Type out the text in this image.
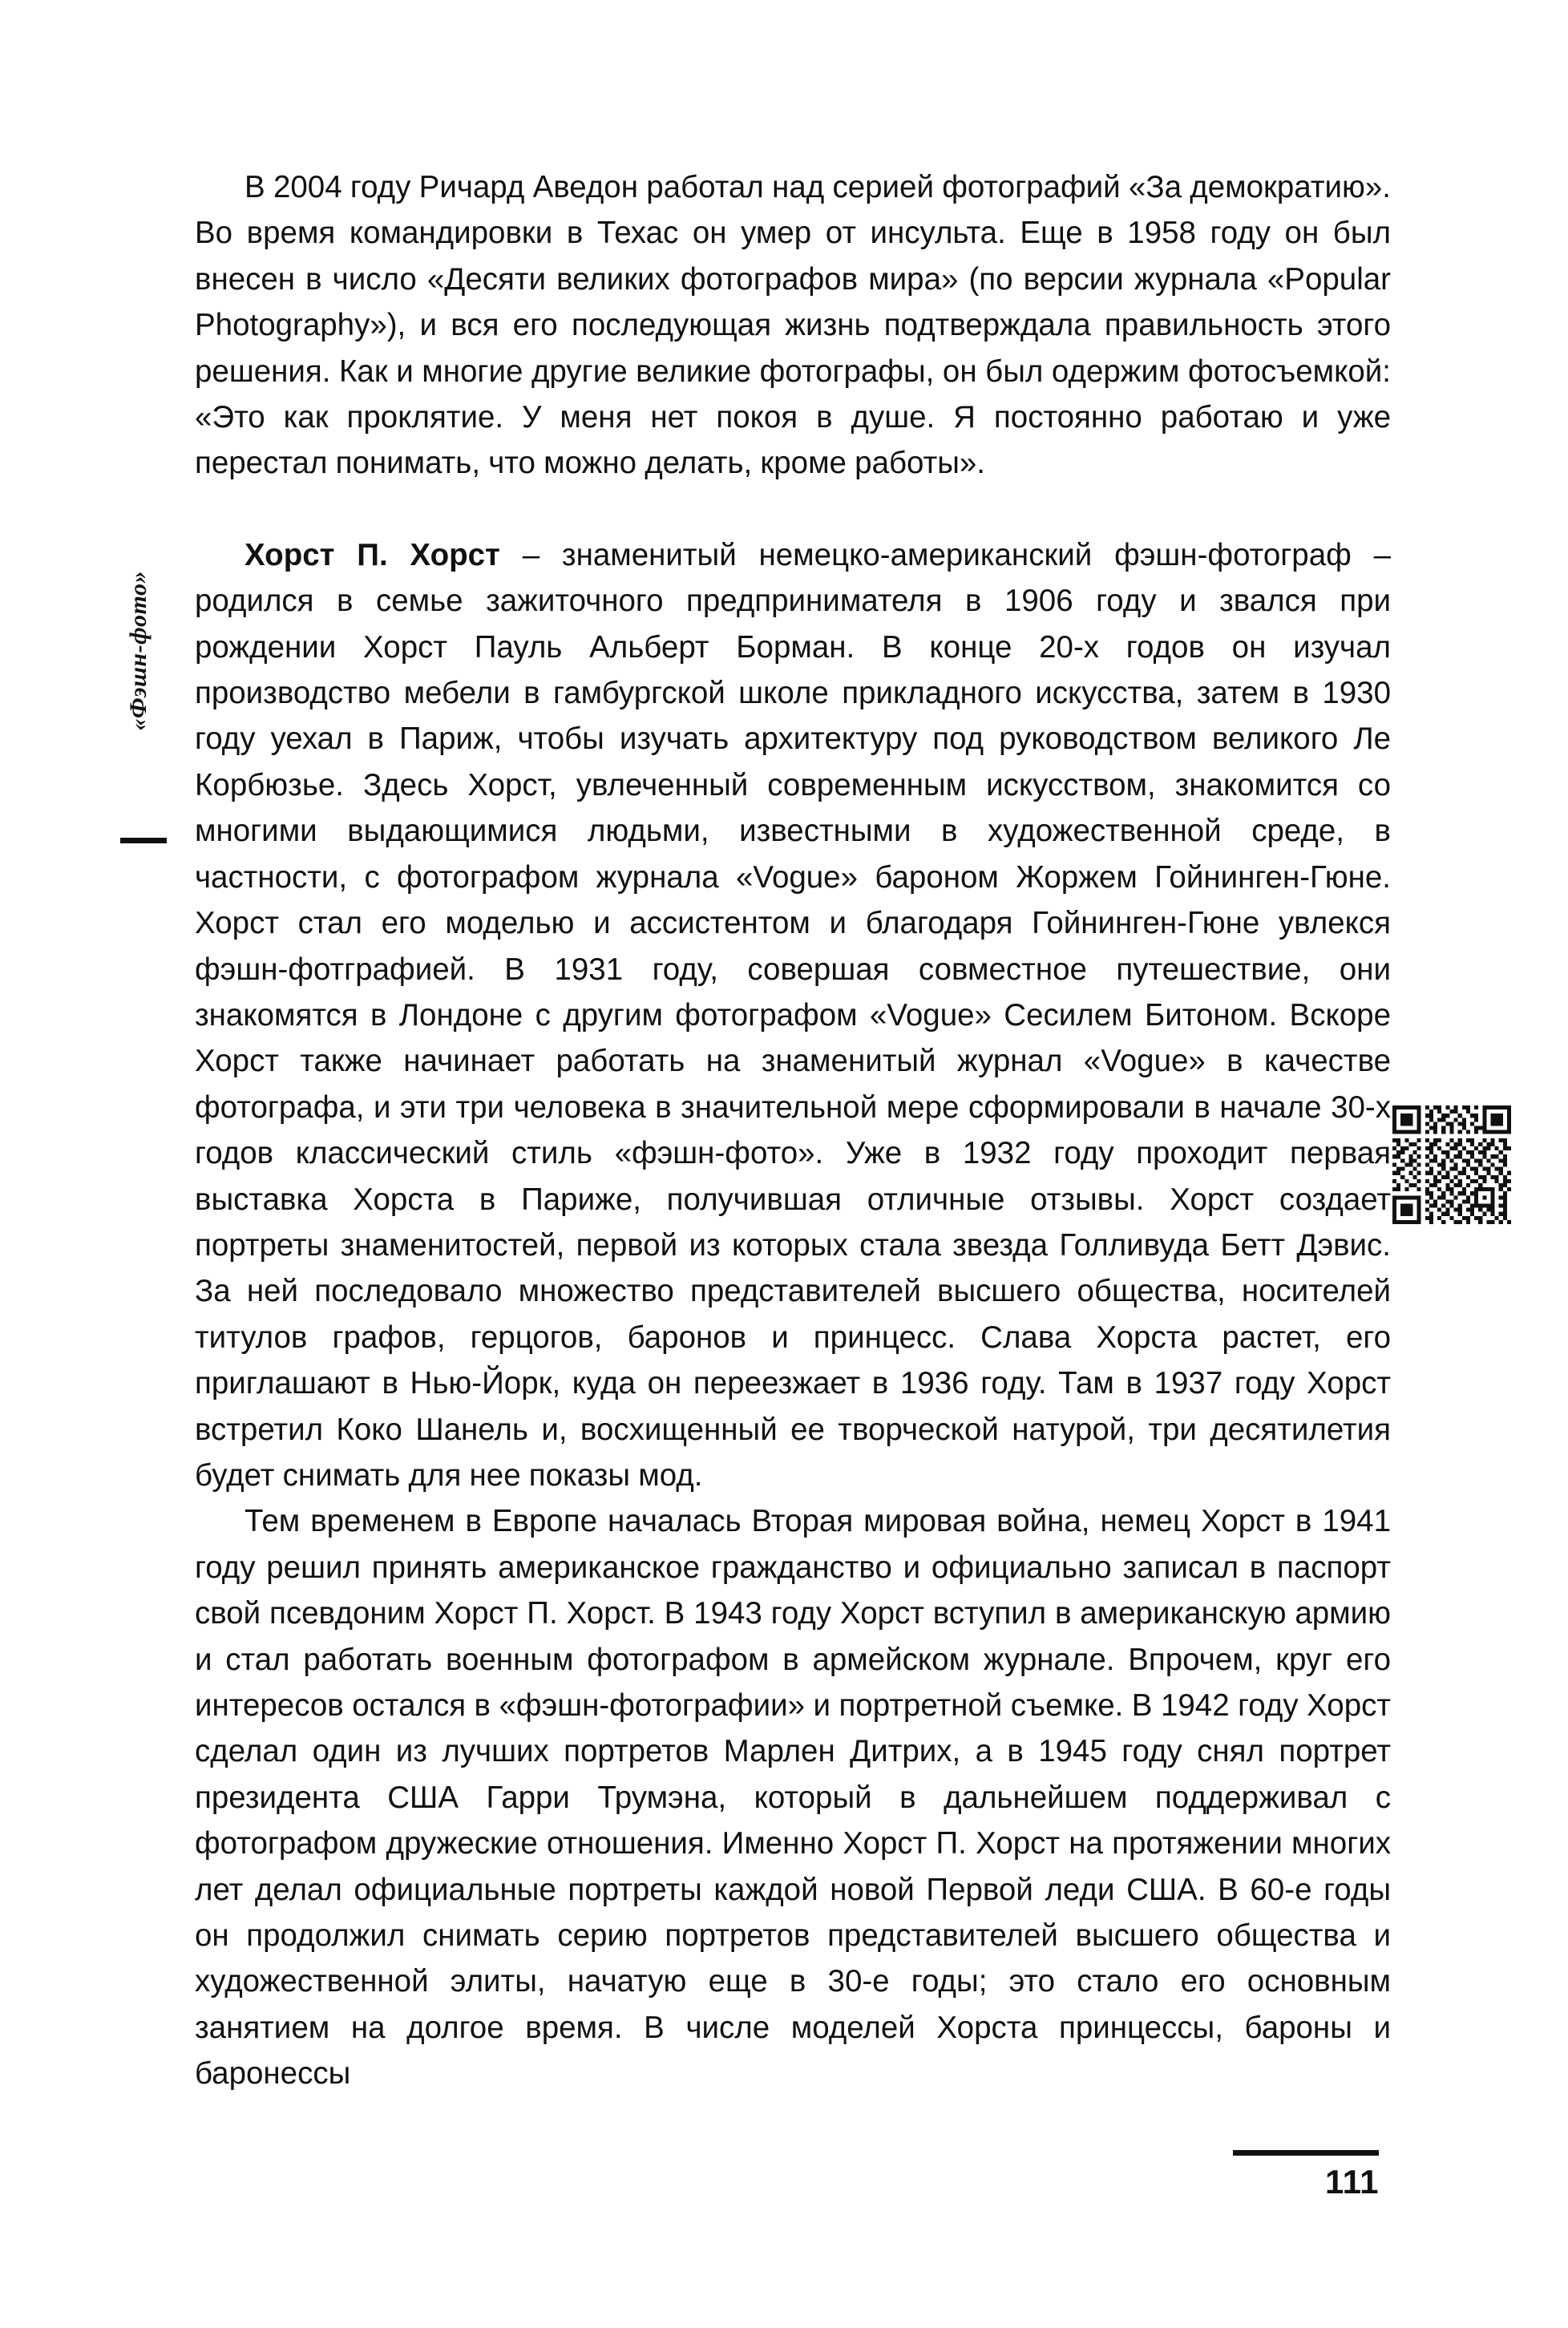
«Фэшн-фото»

В 2004 году Ричард Аведон работал над серией фотографий «За демократию». Во время командировки в Техас он умер от инсульта. Еще в 1958 году он был внесен в число «Десяти великих фотографов мира» (по версии журнала «Popular Photography»), и вся его последующая жизнь подтверждала правильность этого решения. Как и многие другие великие фотографы, он был одержим фотосъемкой: «Это как проклятие. У меня нет покоя в душе. Я постоянно работаю и уже перестал понимать, что можно делать, кроме работы».

Хорст П. Хорст – знаменитый немецко-американский фэшн-фотограф – родился в семье зажиточного предпринимателя в 1906 году и звался при рождении Хорст Пауль Альберт Борман. В конце 20-х годов он изучал производство мебели в гамбургской школе прикладного искусства, затем в 1930 году уехал в Париж, чтобы изучать архитектуру под руководством великого Ле Корбюзье. Здесь Хорст, увлеченный современным искусством, знакомится со многими выдающимися людьми, известными в художественной среде, в частности, с фотографом журнала «Vogue» бароном Жоржем Гойнинген-Гюне. Хорст стал его моделью и ассистентом и благодаря Гойнинген-Гюне увлекся фэшн-фотграфией. В 1931 году, совершая совместное путешествие, они знакомятся в Лондоне с другим фотографом «Vogue» Сесилем Битоном. Вскоре Хорст также начинает работать на знаменитый журнал «Vogue» в качестве фотографа, и эти три человека в значительной мере сформировали в начале 30-х годов классический стиль «фэшн-фото». Уже в 1932 году проходит первая выставка Хорста в Париже, получившая отличные отзывы. Хорст создает портреты знаменитостей, первой из которых стала звезда Голливуда Бетт Дэвис. За ней последовало множество представителей высшего общества, носителей титулов графов, герцогов, баронов и принцесс. Слава Хорста растет, его приглашают в Нью-Йорк, куда он переезжает в 1936 году. Там в 1937 году Хорст встретил Коко Шанель и, восхищенный ее творческой натурой, три десятилетия будет снимать для нее показы мод.

Тем временем в Европе началась Вторая мировая война, немец Хорст в 1941 году решил принять американское гражданство и официально записал в паспорт свой псевдоним Хорст П. Хорст. В 1943 году Хорст вступил в американскую армию и стал работать военным фотографом в армейском журнале. Впрочем, круг его интересов остался в «фэшн-фотографии» и портретной съемке. В 1942 году Хорст сделал один из лучших портретов Марлен Дитрих, а в 1945 году снял портрет президента США Гарри Трумэна, который в дальнейшем поддерживал с фотографом дружеские отношения. Именно Хорст П. Хорст на протяжении многих лет делал официальные портреты каждой новой Первой леди США. В 60-е годы он продолжил снимать серию портретов представителей высшего общества и художественной элиты, начатую еще в 30-е годы; это стало его основным занятием на долгое время. В числе моделей Хорста принцессы, бароны и баронессы

111
